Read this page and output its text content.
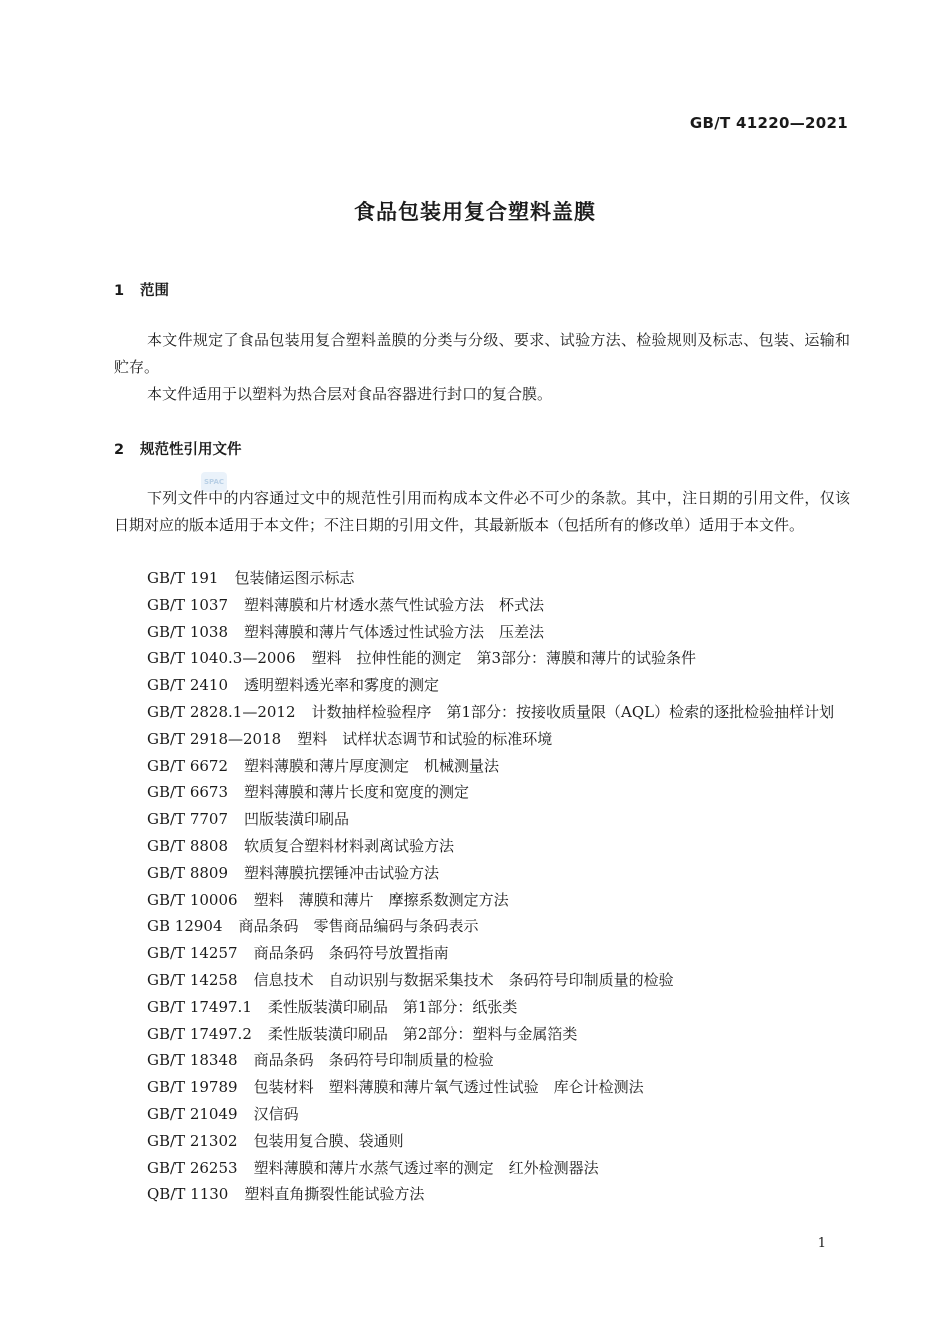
GB/T 41220—2021
食品包装用复合塑料盖膜
1 范围
本文件规定了食品包装用复合塑料盖膜的分类与分级、要求、试验方法、检验规则及标志、包装、运输和贮存。
本文件适用于以塑料为热合层对食品容器进行封口的复合膜。
2 规范性引用文件
SPAC
下列文件中的内容通过文中的规范性引用而构成本文件必不可少的条款。其中，注日期的引用文件，仅该日期对应的版本适用于本文件；不注日期的引用文件，其最新版本（包括所有的修改单）适用于本文件。
GB/T 191 包装储运图示标志
GB/T 1037 塑料薄膜和片材透水蒸气性试验方法　杯式法
GB/T 1038 塑料薄膜和薄片气体透过性试验方法　压差法
GB/T 1040.3—2006 塑料　拉伸性能的测定　第3部分：薄膜和薄片的试验条件
GB/T 2410 透明塑料透光率和雾度的测定
GB/T 2828.1—2012 计数抽样检验程序　第1部分：按接收质量限（AQL）检索的逐批检验抽样计划
GB/T 2918—2018 塑料　试样状态调节和试验的标准环境
GB/T 6672 塑料薄膜和薄片厚度测定　机械测量法
GB/T 6673 塑料薄膜和薄片长度和宽度的测定
GB/T 7707 凹版装潢印刷品
GB/T 8808 软质复合塑料材料剥离试验方法
GB/T 8809 塑料薄膜抗摆锤冲击试验方法
GB/T 10006 塑料　薄膜和薄片　摩擦系数测定方法
GB 12904 商品条码　零售商品编码与条码表示
GB/T 14257 商品条码　条码符号放置指南
GB/T 14258 信息技术　自动识别与数据采集技术　条码符号印制质量的检验
GB/T 17497.1 柔性版装潢印刷品　第1部分：纸张类
GB/T 17497.2 柔性版装潢印刷品　第2部分：塑料与金属箔类
GB/T 18348 商品条码　条码符号印制质量的检验
GB/T 19789 包装材料　塑料薄膜和薄片氧气透过性试验　库仑计检测法
GB/T 21049 汉信码
GB/T 21302 包装用复合膜、袋通则
GB/T 26253 塑料薄膜和薄片水蒸气透过率的测定　红外检测器法
QB/T 1130 塑料直角撕裂性能试验方法
1
